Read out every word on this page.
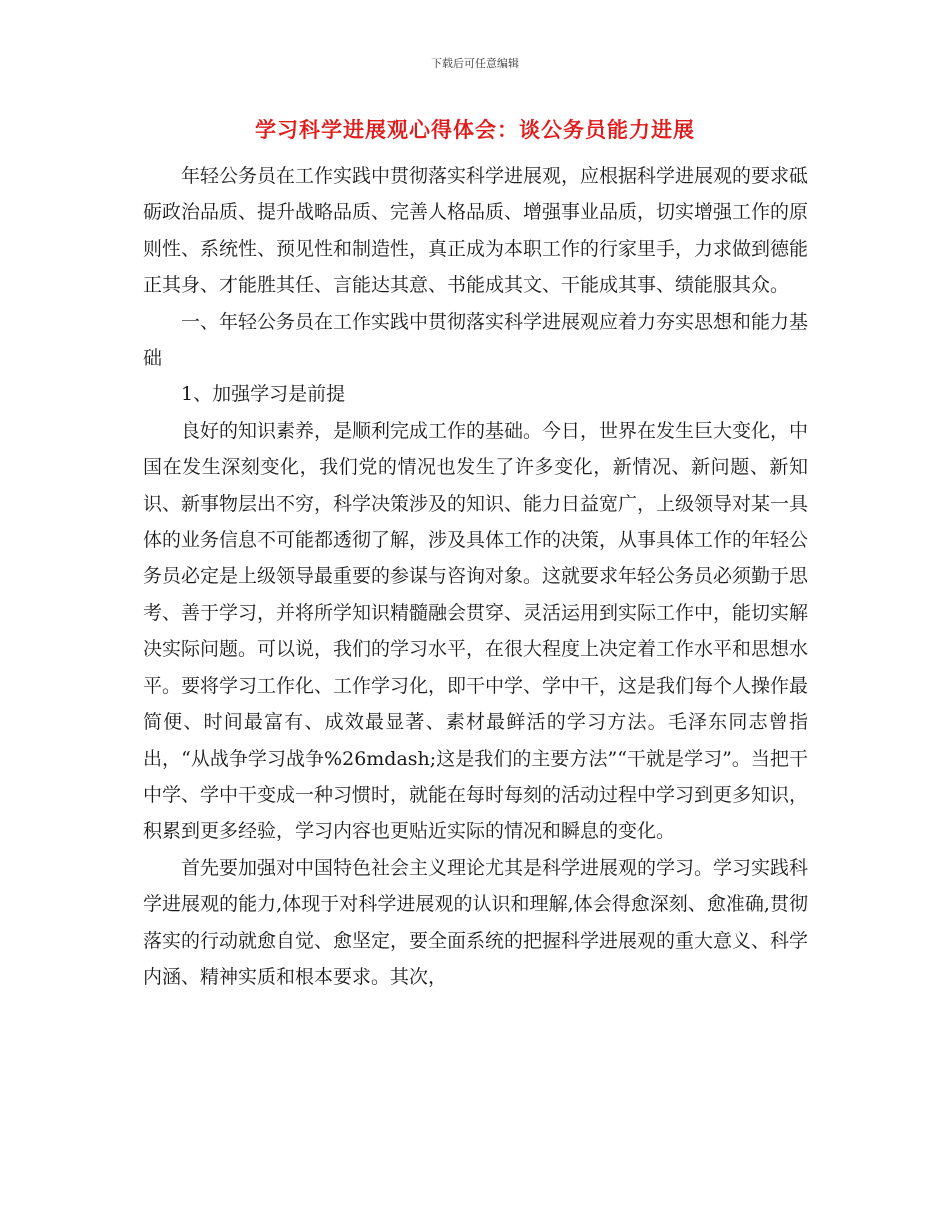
下载后可任意编辑
学习科学进展观心得体会：谈公务员能力进展

年轻公务员在工作实践中贯彻落实科学进展观，应根据科学进展观的要求砥砺政治品质、提升战略品质、完善人格品质、增强事业品质，切实增强工作的原则性、系统性、预见性和制造性，真正成为本职工作的行家里手，力求做到德能正其身、才能胜其任、言能达其意、书能成其文、干能成其事、绩能服其众。

一、年轻公务员在工作实践中贯彻落实科学进展观应着力夯实思想和能力基础

1、加强学习是前提

良好的知识素养，是顺利完成工作的基础。今日，世界在发生巨大变化，中国在发生深刻变化，我们党的情况也发生了许多变化，新情况、新问题、新知识、新事物层出不穷，科学决策涉及的知识、能力日益宽广，上级领导对某一具体的业务信息不可能都透彻了解，涉及具体工作的决策，从事具体工作的年轻公务员必定是上级领导最重要的参谋与咨询对象。这就要求年轻公务员必须勤于思考、善于学习，并将所学知识精髓融会贯穿、灵活运用到实际工作中，能切实解决实际问题。可以说，我们的学习水平，在很大程度上决定着工作水平和思想水平。要将学习工作化、工作学习化，即干中学、学中干，这是我们每个人操作最简便、时间最富有、成效最显著、素材最鲜活的学习方法。毛泽东同志曾指出，“从战争学习战争%26mdash;这是我们的主要方法”“干就是学习”。当把干中学、学中干变成一种习惯时，就能在每时每刻的活动过程中学习到更多知识，积累到更多经验，学习内容也更贴近实际的情况和瞬息的变化。

首先要加强对中国特色社会主义理论尤其是科学进展观的学习。学习实践科学进展观的能力,体现于对科学进展观的认识和理解,体会得愈深刻、愈准确,贯彻落实的行动就愈自觉、愈坚定，要全面系统的把握科学进展观的重大意义、科学内涵、精神实质和根本要求。其次，
